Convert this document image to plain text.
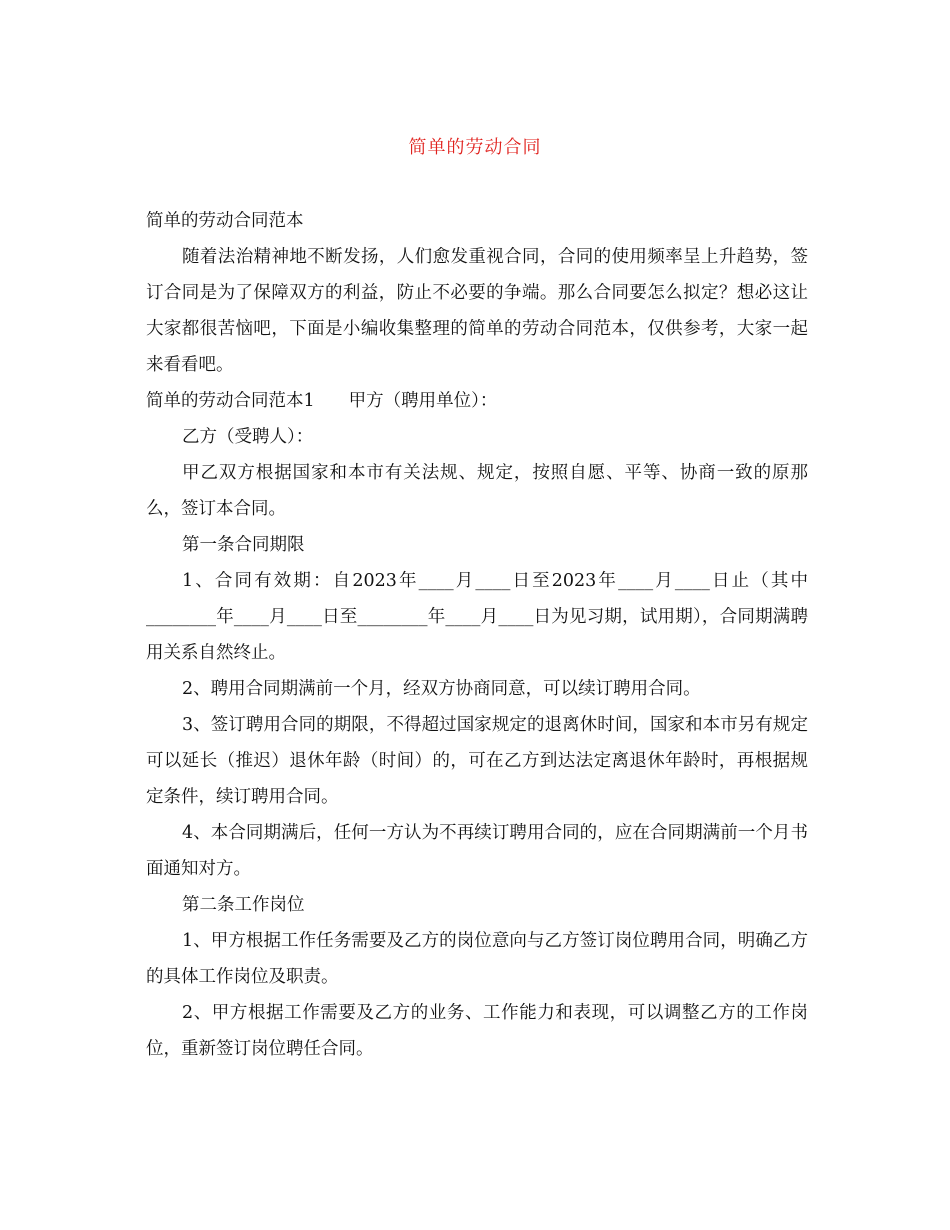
简单的劳动合同

简单的劳动合同范本

随着法治精神地不断发扬，人们愈发重视合同，合同的使用频率呈上升趋势，签订合同是为了保障双方的利益，防止不必要的争端。那么合同要怎么拟定？想必这让大家都很苦恼吧，下面是小编收集整理的简单的劳动合同范本，仅供参考，大家一起来看看吧。

简单的劳动合同范本1 甲方（聘用单位）：

乙方（受聘人）：

甲乙双方根据国家和本市有关法规、规定，按照自愿、平等、协商一致的原那么，签订本合同。

第一条合同期限

1、合同有效期：自2023年____月____日至2023年____月____日止（其中________年____月____日至________年____月____日为见习期，试用期），合同期满聘用关系自然终止。

2、聘用合同期满前一个月，经双方协商同意，可以续订聘用合同。

3、签订聘用合同的期限，不得超过国家规定的退离休时间，国家和本市另有规定可以延长（推迟）退休年龄（时间）的，可在乙方到达法定离退休年龄时，再根据规定条件，续订聘用合同。

4、本合同期满后，任何一方认为不再续订聘用合同的，应在合同期满前一个月书面通知对方。

第二条工作岗位

1、甲方根据工作任务需要及乙方的岗位意向与乙方签订岗位聘用合同，明确乙方的具体工作岗位及职责。

2、甲方根据工作需要及乙方的业务、工作能力和表现，可以调整乙方的工作岗位，重新签订岗位聘任合同。
